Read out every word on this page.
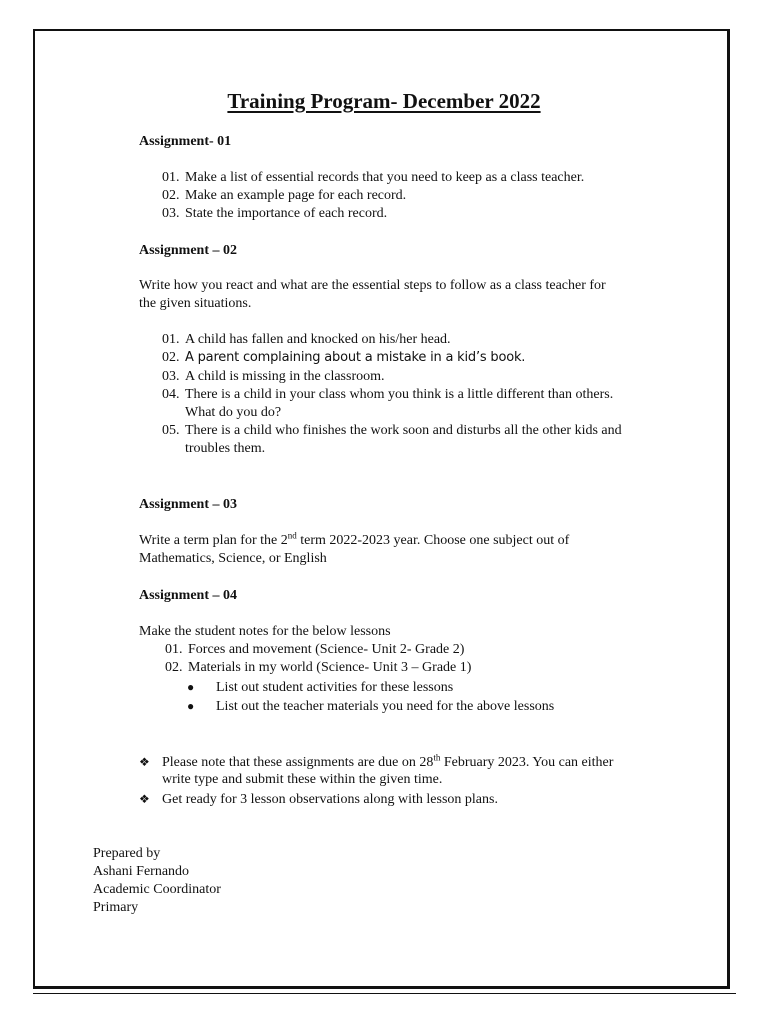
Training Program- December 2022
Assignment- 01
01. Make a list of essential records that you need to keep as a class teacher.
02. Make an example page for each record.
03. State the importance of each record.
Assignment – 02
Write how you react and what are the essential steps to follow as a class teacher for
the given situations.
01. A child has fallen and knocked on his/her head.
02. A parent complaining about a mistake in a kid’s book.
03. A child is missing in the classroom.
04. There is a child in your class whom you think is a little different than others.
What do you do?
05. There is a child who finishes the work soon and disturbs all the other kids and
troubles them.
Assignment – 03
Write a term plan for the 2nd term 2022-2023 year. Choose one subject out of
Mathematics, Science, or English
Assignment – 04
Make the student notes for the below lessons
01. Forces and movement (Science- Unit 2- Grade 2)
02. Materials in my world (Science- Unit 3 – Grade 1)
● List out student activities for these lessons
● List out the teacher materials you need for the above lessons
❖ Please note that these assignments are due on 28th February 2023. You can either
write type and submit these within the given time.
❖ Get ready for 3 lesson observations along with lesson plans.
Prepared by
Ashani Fernando
Academic Coordinator
Primary
